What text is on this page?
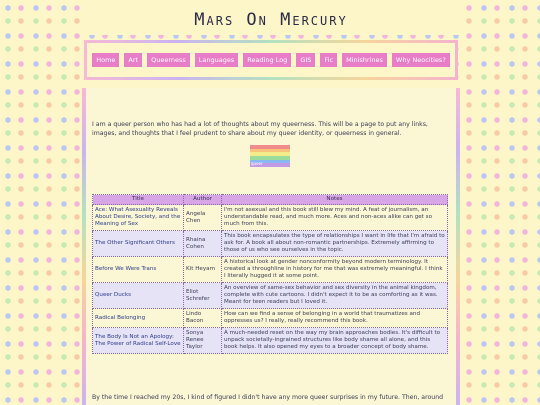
Mars On Mercury
Home	Art	Queerness	Languages	Reading Log	GIS	Fic	Minishrines	Why Neocities?

I am a queer person who has had a lot of thoughts about my queerness. This will be a page to put any links, images, and thoughts that I feel prudent to share about my queer identity, or queerness in general.

queer
Title	Author	Notes
Ace: What Asexuality Reveals About Desire, Society, and the Meaning of Sex	Angela Chen	I'm not asexual and this book still blew my mind. A feat of journalism, an understandable read, and much more. Aces and non-aces alike can get so much from this.
The Other Significant Others	Rhaina Cohen	This book encapsulates the type of relationships I want in life that I'm afraid to ask for. A book all about non-romantic partnerships. Extremely affirming to those of us who see ourselves in the topic.
Before We Were Trans	Kit Heyam	A historical look at gender nonconformity beyond modern terminology. It created a throughline in history for me that was extremely meaningful. I think I literally hugged it at some point.
Queer Ducks	Eliot Schrefer	An overview of same-sex behavior and sex diversity in the animal kingdom, complete with cute cartoons. I didn't expect it to be as comforting as it was. Meant for teen readers but I loved it.
Radical Belonging	Lindo Bacon	How can we find a sense of belonging in a world that traumatizes and oppresses us? I really, really recommend this book.
The Body Is Not an Apology: The Power of Radical Self-Love	Sonya Renee Taylor	A much-needed reset on the way my brain approaches bodies. It's difficult to unpack societally-ingrained structures like body shame all alone, and this book helps. It also opened my eyes to a broader concept of body shame.

By the time I reached my 20s, I kind of figured I didn't have any more queer surprises in my future. Then, around
